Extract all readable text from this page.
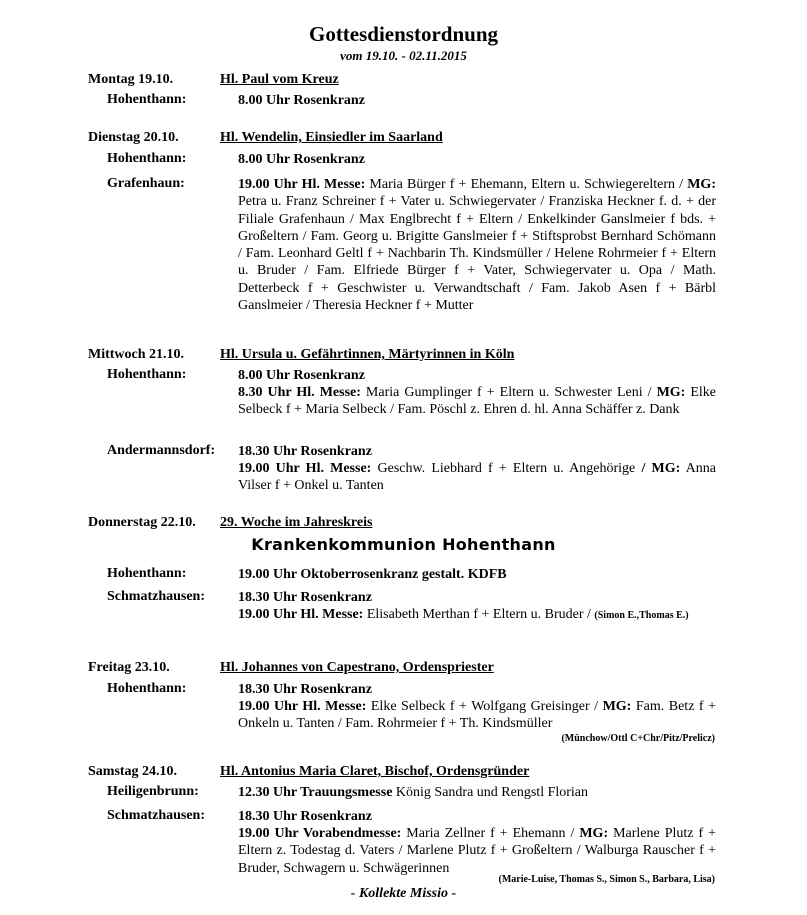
Gottesdienstordnung
vom 19.10. - 02.11.2015
Montag 19.10.	Hl. Paul vom Kreuz
Hohenthann:	8.00 Uhr Rosenkranz
Dienstag 20.10.	Hl. Wendelin, Einsiedler im Saarland
Hohenthann:	8.00 Uhr Rosenkranz
Grafenhaun:	19.00 Uhr Hl. Messe: Maria Bürger f + Ehemann, Eltern u. Schwiegereltern / MG: Petra u. Franz Schreiner f + Vater u. Schwiegervater / Franziska Heckner f. d. + der Filiale Grafenhaun / Max Englbrecht f + Eltern / Enkelkinder Ganslmeier f bds. + Großeltern / Fam. Georg u. Brigitte Ganslmeier f + Stiftsprobst Bernhard Schömann / Fam. Leonhard Geltl f + Nachbarin Th. Kindsmüller / Helene Rohrmeier f + Eltern u. Bruder / Fam. Elfriede Bürger f + Vater, Schwiegervater u. Opa / Math. Detterbeck f + Geschwister u. Verwandtschaft / Fam. Jakob Asen f + Bärbl Ganslmeier / Theresia Heckner f + Mutter
Mittwoch 21.10.	Hl. Ursula u. Gefährtinnen, Märtyrinnen in Köln
Hohenthann:	8.00 Uhr Rosenkranz
8.30 Uhr Hl. Messe: Maria Gumplinger f + Eltern u. Schwester Leni / MG: Elke Selbeck f + Maria Selbeck / Fam. Pöschl z. Ehren d. hl. Anna Schäffer z. Dank
Andermannsdorf: 18.30 Uhr Rosenkranz
19.00 Uhr Hl. Messe: Geschw. Liebhard f + Eltern u. Angehörige / MG: Anna Vilser f + Onkel u. Tanten
Donnerstag 22.10. 29. Woche im Jahreskreis
Krankenkommunion Hohenthann
Hohenthann:	19.00 Uhr Oktoberrosenkranz gestalt. KDFB
Schmatzhausen: 18.30 Uhr Rosenkranz
19.00 Uhr Hl. Messe: Elisabeth Merthan f + Eltern u. Bruder / (Simon E.,Thomas E.)
Freitag 23.10.	Hl. Johannes von Capestrano, Ordenspriester
Hohenthann:	18.30 Uhr Rosenkranz
19.00 Uhr Hl. Messe: Elke Selbeck f + Wolfgang Greisinger / MG: Fam. Betz f + Onkeln u. Tanten / Fam. Rohrmeier f + Th. Kindsmüller
(Münchow/Ottl C+Chr/Pitz/Prelicz)
Samstag 24.10.	Hl. Antonius Maria Claret, Bischof, Ordensgründer
Heiligenbrunn:	12.30 Uhr Trauungsmesse König Sandra und Rengstl Florian
Schmatzhausen: 18.30 Uhr Rosenkranz
19.00 Uhr Vorabendmesse: Maria Zellner f + Ehemann / MG: Marlene Plutz f + Eltern z. Todestag d. Vaters / Marlene Plutz f + Großeltern / Walburga Rauscher f + Bruder, Schwagern u. Schwägerinnen
(Marie-Luise, Thomas S., Simon S., Barbara, Lisa)
- Kollekte Missio -
